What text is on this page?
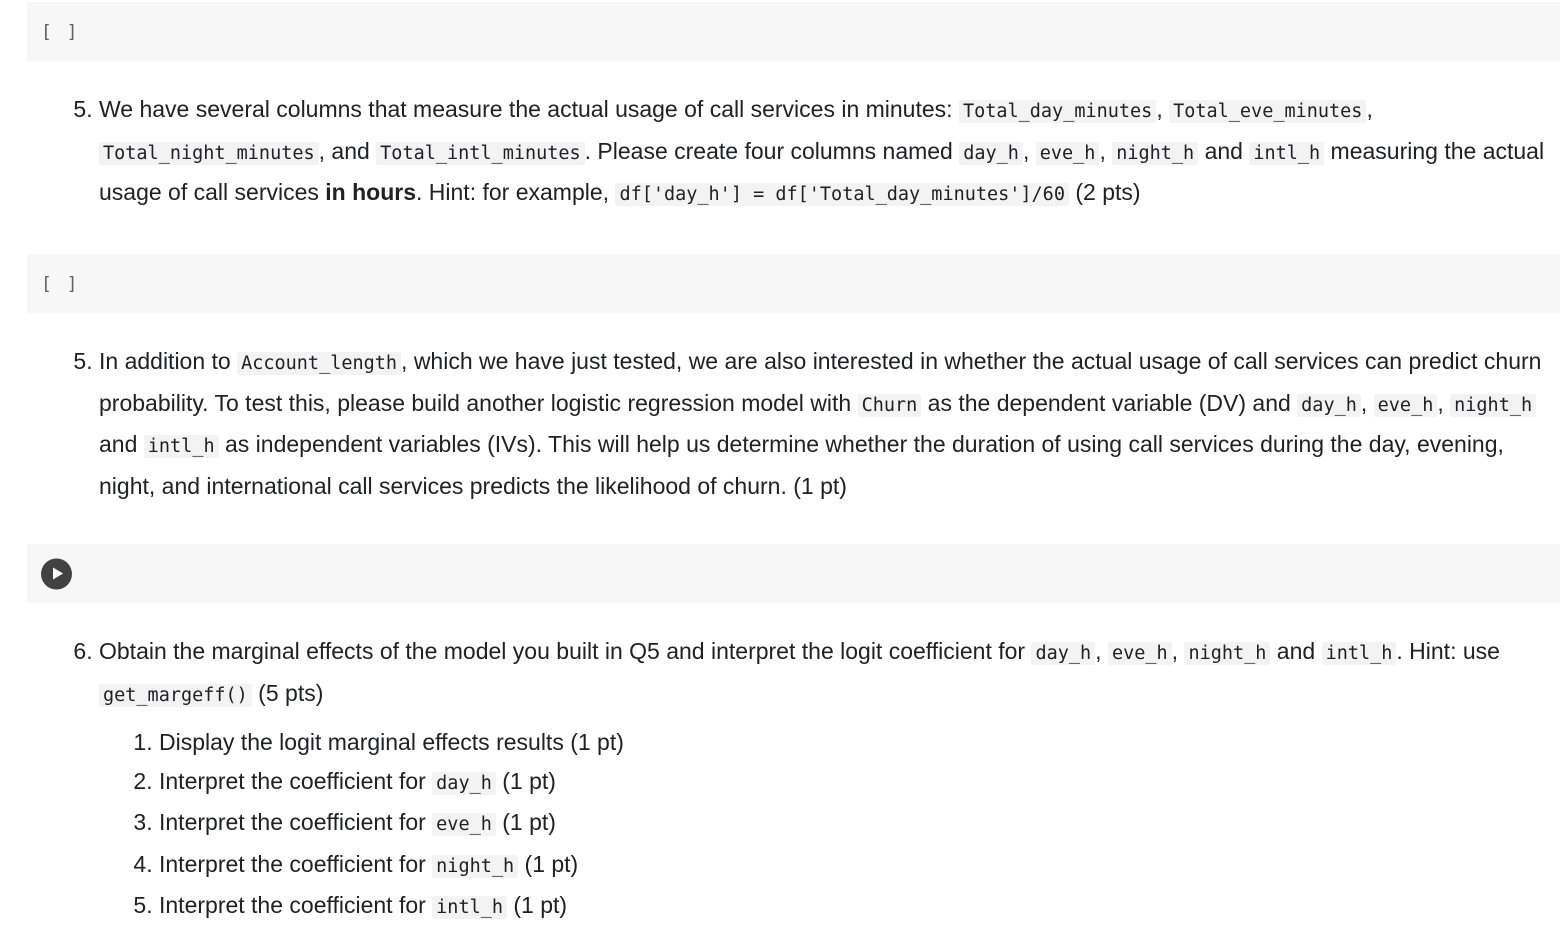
[ ]
5. We have several columns that measure the actual usage of call services in minutes: Total_day_minutes , Total_eve_minutes , Total_night_minutes , and Total_intl_minutes . Please create four columns named day_h , eve_h , night_h and intl_h measuring the actual usage of call services in hours. Hint: for example, df['day_h'] = df['Total_day_minutes']/60 (2 pts)
[ ]
5. In addition to Account_length , which we have just tested, we are also interested in whether the actual usage of call services can predict churn probability. To test this, please build another logistic regression model with Churn as the dependent variable (DV) and day_h , eve_h , night_h and intl_h as independent variables (IVs). This will help us determine whether the duration of using call services during the day, evening, night, and international call services predicts the likelihood of churn. (1 pt)
6. Obtain the marginal effects of the model you built in Q5 and interpret the logit coefficient for day_h , eve_h , night_h and intl_h . Hint: use get_margeff() (5 pts)
1. Display the logit marginal effects results (1 pt)
2. Interpret the coefficient for day_h (1 pt)
3. Interpret the coefficient for eve_h (1 pt)
4. Interpret the coefficient for night_h (1 pt)
5. Interpret the coefficient for intl_h (1 pt)
